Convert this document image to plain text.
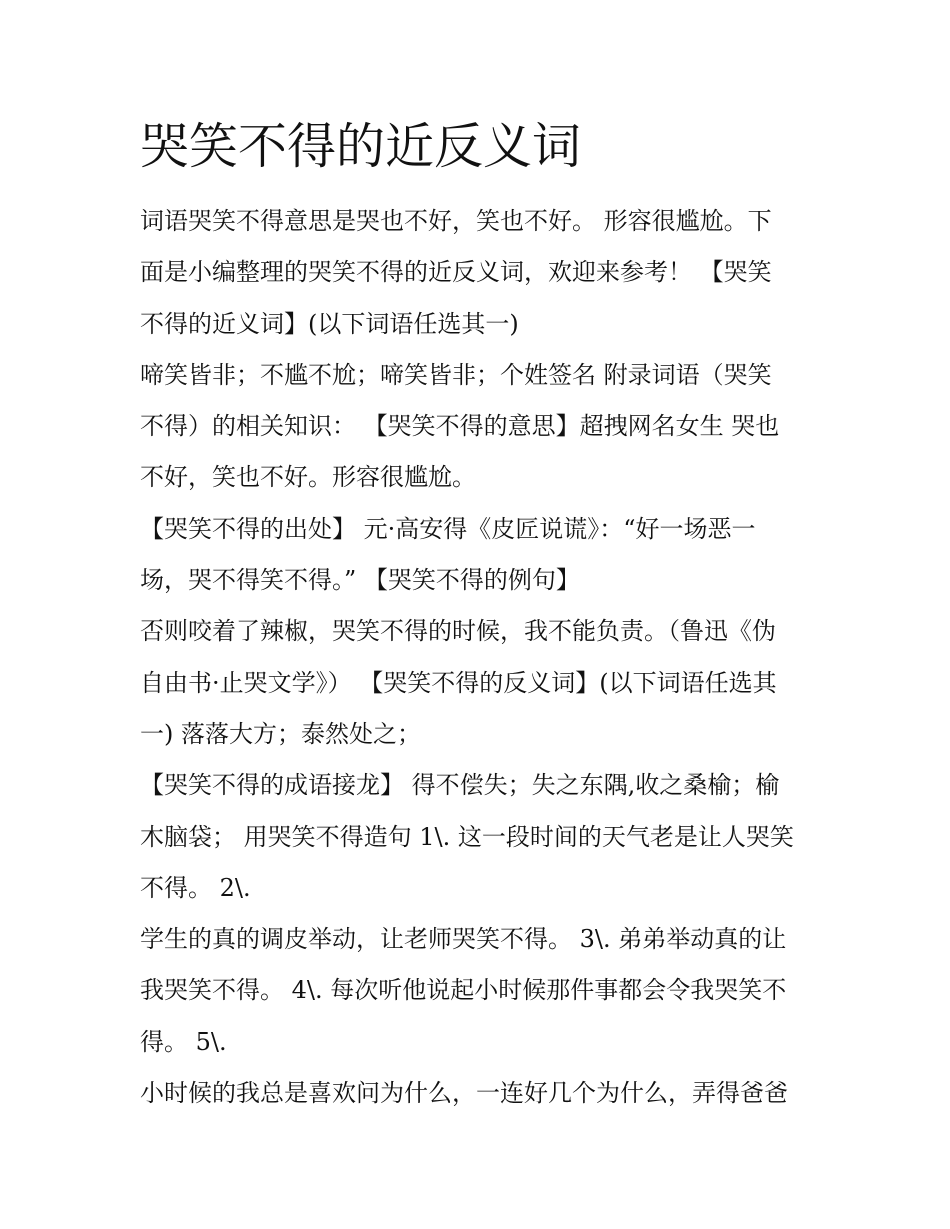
哭笑不得的近反义词
词语哭笑不得意思是哭也不好，笑也不好。 形容很尴尬。下
面是小编整理的哭笑不得的近反义词，欢迎来参考！ 【哭笑
不得的近义词】(以下词语任选其一)
啼笑皆非；不尴不尬；啼笑皆非；个姓签名 附录词语（哭笑
不得）的相关知识： 【哭笑不得的意思】超拽网名女生 哭也
不好，笑也不好。形容很尴尬。
【哭笑不得的出处】 元·高安得《皮匠说谎》：“好一场恶一
场，哭不得笑不得。” 【哭笑不得的例句】
否则咬着了辣椒，哭笑不得的时候，我不能负责。（鲁迅《伪
自由书·止哭文学》） 【哭笑不得的反义词】(以下词语任选其
一) 落落大方；泰然处之；
【哭笑不得的成语接龙】 得不偿失；失之东隅,收之桑榆；榆
木脑袋； 用哭笑不得造句 1\. 这一段时间的天气老是让人哭笑
不得。 2\.
学生的真的调皮举动，让老师哭笑不得。 3\. 弟弟举动真的让
我哭笑不得。 4\. 每次听他说起小时候那件事都会令我哭笑不
得。 5\.
小时候的我总是喜欢问为什么，一连好几个为什么，弄得爸爸
